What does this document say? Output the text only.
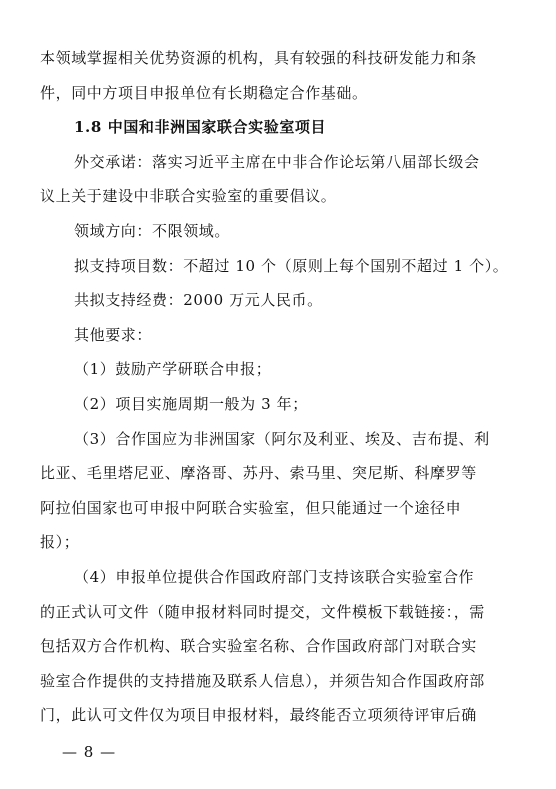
本领域掌握相关优势资源的机构，具有较强的科技研发能力和条
件，同中方项目申报单位有长期稳定合作基础。
1.8 中国和非洲国家联合实验室项目
外交承诺：落实习近平主席在中非合作论坛第八届部长级会
议上关于建设中非联合实验室的重要倡议。
领域方向：不限领域。
拟支持项目数：不超过 10 个（原则上每个国别不超过 1 个）。
共拟支持经费：2000 万元人民币。
其他要求：
（1）鼓励产学研联合申报；
（2）项目实施周期一般为 3 年；
（3）合作国应为非洲国家（阿尔及利亚、埃及、吉布提、利
比亚、毛里塔尼亚、摩洛哥、苏丹、索马里、突尼斯、科摩罗等
阿拉伯国家也可申报中阿联合实验室，但只能通过一个途径申
报）；
（4）申报单位提供合作国政府部门支持该联合实验室合作
的正式认可文件（随申报材料同时提交，文件模板下载链接：，需
包括双方合作机构、联合实验室名称、合作国政府部门对联合实
验室合作提供的支持措施及联系人信息），并须告知合作国政府部
门，此认可文件仅为项目申报材料，最终能否立项须待评审后确
— 8 —
